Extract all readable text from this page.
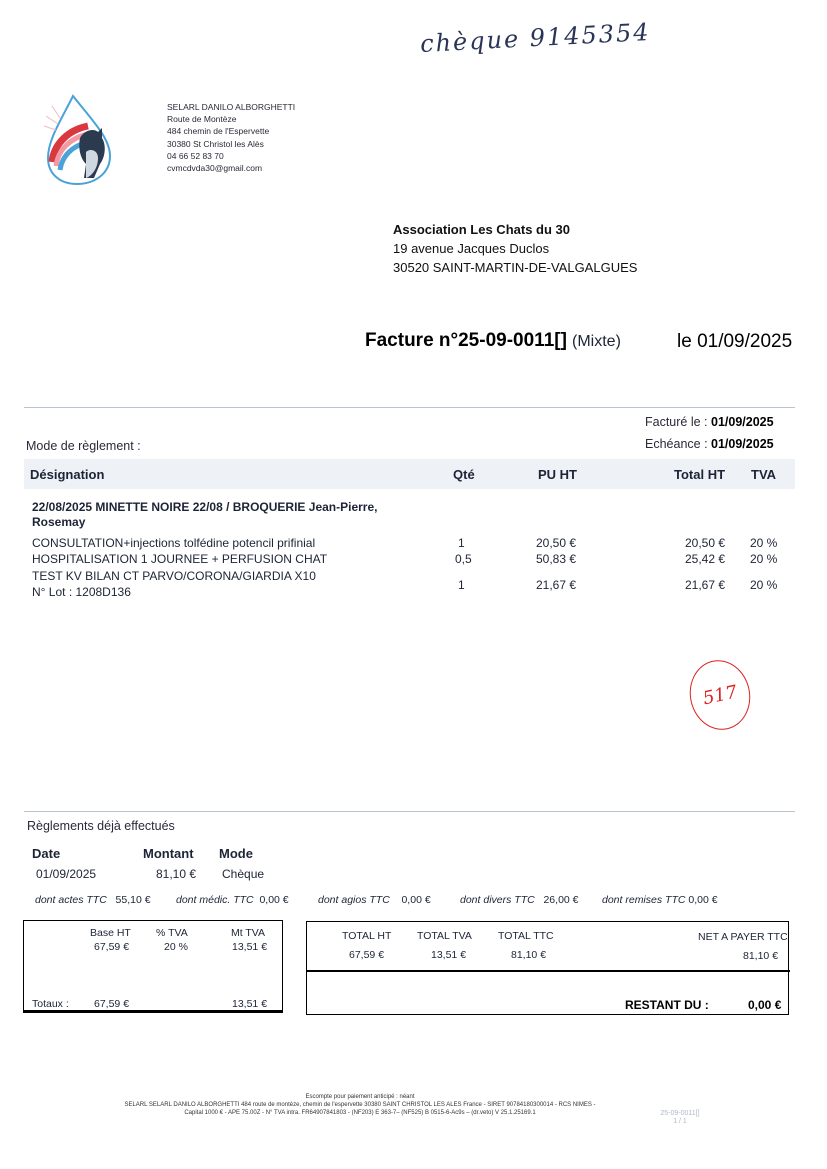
chèque 9145354
SELARL DANILO ALBORGHETTI
Route de Montèze
484 chemin de l'Espervette
30380 St Christol les Alès
04 66 52 83 70
cvmcdvda30@gmail.com
Association Les Chats du 30
19 avenue Jacques Duclos
30520 SAINT-MARTIN-DE-VALGALGUES
Facture n°25-09-0011[] (Mixte)	le 01/09/2025
Facturé le : 01/09/2025
Echéance : 01/09/2025
Mode de règlement :
Désignation	Qté	PU HT	Total HT TVA
22/08/2025 MINETTE NOIRE 22/08 / BROQUERIE Jean-Pierre,
Rosemay
CONSULTATION+injections tolfédine potencil prifinial	1	20,50 €	20,50 € 20 %
HOSPITALISATION 1 JOURNEE + PERFUSION CHAT	0,5	50,83 €	25,42 € 20 %
TEST KV BILAN CT PARVO/CORONA/GIARDIA X10
1	21,67 €	21,67 € 20 %
N° Lot : 1208D136
517
Règlements déjà effectués
Date	Montant Mode
01/09/2025	81,10 € Chèque
dont actes TTC 55,10 € dont médic. TTC 0,00 €	dont agios TTC 0,00 €	dont divers TTC 26,00 € dont remises TTC 0,00 €
Base HT % TVA	Mt TVA
67,59 €	20 %	13,51 €
Totaux : 67,59 €	13,51 €
TOTAL HT TOTAL TVA TOTAL TTC	NET A PAYER TTC
67,59 €	13,51 €	81,10 €	81,10 €
RESTANT DU :	0,00 €
Escompte pour paiement anticipé : néant
SELARL SELARL DANILO ALBORGHETTI 484 route de montèze, chemin de l'espervette 30380 SAINT CHRISTOL LES ALES France - SIRET 90784180300014 - RCS NIMES -
Capital 1000 € - APE 75.00Z - N° TVA intra. FR64907841803 - (NF203) E 363-7– (NF525) B 0515-6-Ac9s – (dr.veto) V 25.1.25169.1	25-09-0011[]
1 / 1
